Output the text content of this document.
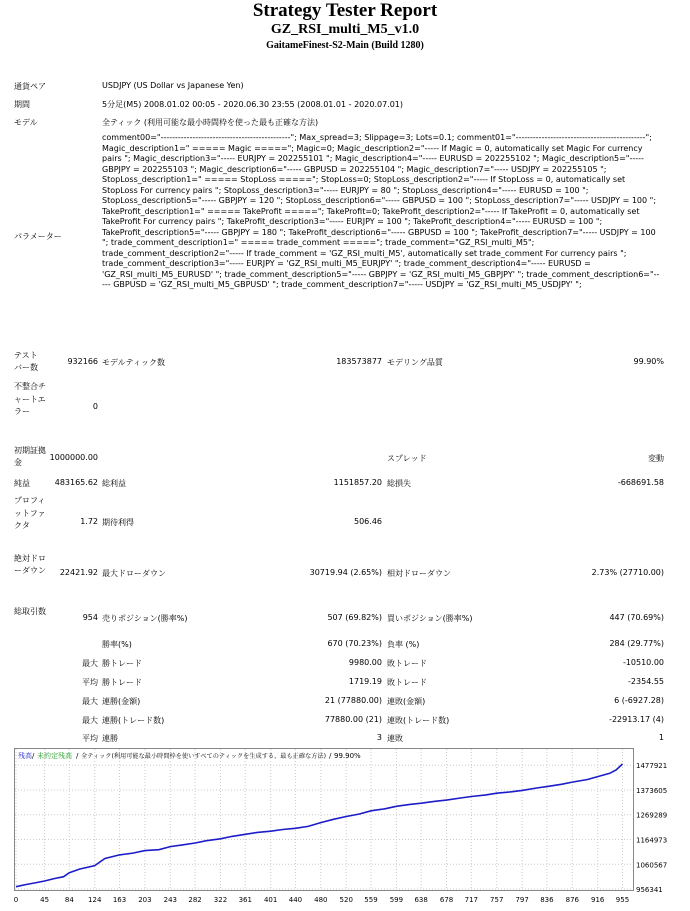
Strategy Tester Report
GZ_RSI_multi_M5_v1.0
GaitameFinest-S2-Main (Build 1280)
通貨ペア	USDJPY (US Dollar vs Japanese Yen)
期間	5分足(M5) 2008.01.02 00:05 - 2020.06.30 23:55 (2008.01.01 - 2020.07.01)
モデル	全ティック (利用可能な最小時間枠を使った最も正確な方法)
パラメーター
comment00="---------------------------------------------"; Max_spread=3; Slippage=3; Lots=0.1; comment01="---------------------------------------------"; Magic_description1=" ===== Magic ====="; Magic=0; Magic_description2="----- If Magic = 0, automatically set Magic For currency pairs "; Magic_description3="----- EURJPY = 202255101 "; Magic_description4="----- EURUSD = 202255102 "; Magic_description5="----- GBPJPY = 202255103 "; Magic_description6="----- GBPUSD = 202255104 "; Magic_description7="----- USDJPY = 202255105 "; StopLoss_description1=" ===== StopLoss ====="; StopLoss=0; StopLoss_description2="----- If StopLoss = 0, automatically set StopLoss For currency pairs "; StopLoss_description3="----- EURJPY = 80 "; StopLoss_description4="----- EURUSD = 100 "; StopLoss_description5="----- GBPJPY = 120 "; StopLoss_description6="----- GBPUSD = 100 "; StopLoss_description7="----- USDJPY = 100 "; TakeProfit_description1=" ===== TakeProfit ====="; TakeProfit=0; TakeProfit_description2="----- If TakeProfit = 0, automatically set TakeProfit For currency pairs "; TakeProfit_description3="----- EURJPY = 100 "; TakeProfit_description4="----- EURUSD = 100 "; TakeProfit_description5="----- GBPJPY = 180 "; TakeProfit_description6="----- GBPUSD = 100 "; TakeProfit_description7="----- USDJPY = 100 "; trade_comment_description1=" ===== trade_comment ====="; trade_comment="GZ_RSI_multi_M5"; trade_comment_description2="----- If trade_comment = 'GZ_RSI_multi_M5', automatically set trade_comment For currency pairs "; trade_comment_description3="----- EURJPY = 'GZ_RSI_multi_M5_EURJPY' "; trade_comment_description4="----- EURUSD = 'GZ_RSI_multi_M5_EURUSD' "; trade_comment_description5="----- GBPJPY = 'GZ_RSI_multi_M5_GBPJPY' "; trade_comment_description6="----- GBPUSD = 'GZ_RSI_multi_M5_GBPUSD' "; trade_comment_description7="----- USDJPY = 'GZ_RSI_multi_M5_USDJPY' ";
テスト バー数
932166 モデルティック数	183573877 モデリング品質	99.90%
不整合チャートエラー
0
初期証拠金
1000000.00	スプレッド	変動
純益	483165.62 総利益	1151857.20 総損失	-668691.58
プロフィットファクタ	1.72 期待利得	506.46
絶対ドローダウン	22421.92 最大ドローダウン	30719.94 (2.65%) 相対ドローダウン	2.73% (27710.00)
総取引数
954 売りポジション(勝率%)	507 (69.82%) 買いポジション(勝率%)	447 (70.69%)
勝率(%)	670 (70.23%) 負率 (%)	284 (29.77%)
最大 勝トレード	9980.00 敗トレード	-10510.00
平均 勝トレード	1719.19 敗トレード	-2354.55
最大 連勝(金額)	21 (77880.00) 連敗(金額)	6 (-6927.28)
最大 連勝(トレード数)	77880.00 (21) 連敗(トレード数)	-22913.17 (4)
平均 連勝	3 連敗	1
残高 / 未約定残高 / 全ティック(利用可能な最小時間枠を使いすべてのティックを生成する、最も正確な方法) / 99.90%
0	45 84 124 163 203 243 282 322 361 401 440 480 520 559 599 638 678 717 757 797 836 876 916 955
956341
1060567
1164973
1269289
1373605
1477921
